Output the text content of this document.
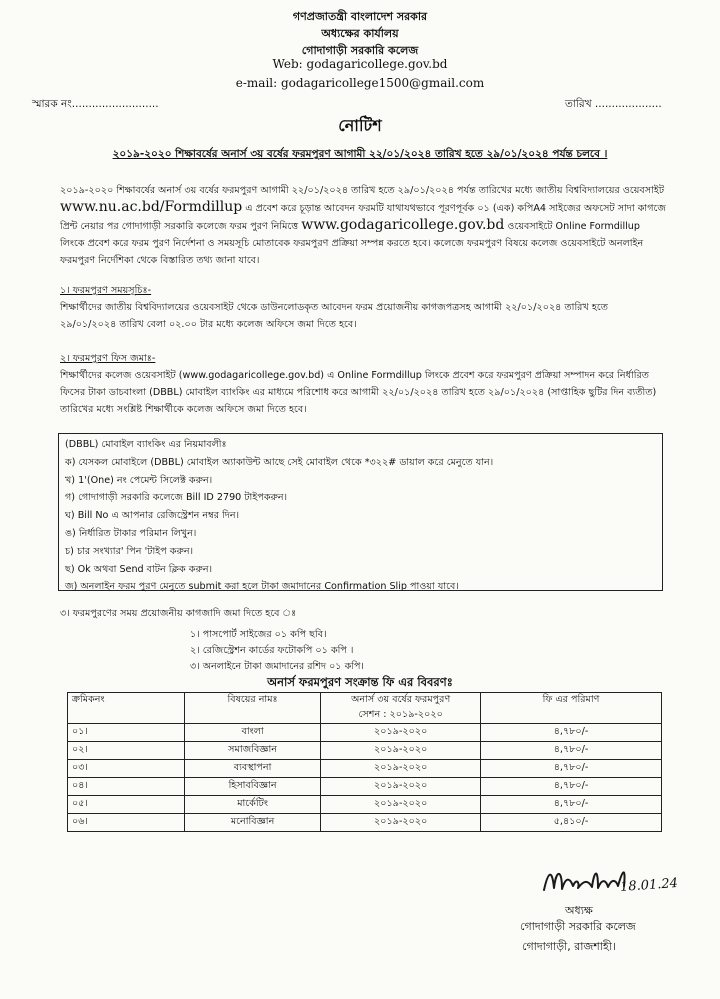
গণপ্রজাতন্ত্রী বাংলাদেশ সরকার
অধ্যক্ষের কার্যালয়
গোদাগাড়ী সরকারি কলেজ
Web: godagaricollege.gov.bd
e-mail: godagaricollege1500@gmail.com
স্মারক নং..........................	তারিখ ....................
নোটিশ
২০১৯-২০২০ শিক্ষাবর্ষের অনার্স ৩য় বর্ষের ফরমপুরণ আগামী ২২/০১/২০২৪ তারিখ হতে ২৯/০১/২০২৪ পর্যন্ত চলবে ।
২০১৯-২০২০ শিক্ষাবর্ষের অনার্স ৩য় বর্ষের ফরমপুরণ আগামী ২২/০১/২০২৪ তারিখ হতে ২৯/০১/২০২৪ পর্যন্ত তারিখের মধ্যে জাতীয় বিশ্ববিদ্যালয়ের ওয়েবসাইট www.nu.ac.bd/Formdillup এ প্রবেশ করে চূড়ান্ত আবেদন ফরমটি যাথাযথভাবে পূরণপূর্বক ০১ (এক) কপিA4 সাইজের অফসেট সাদা কাগজে প্রিন্ট নেয়ার পর গোদাগাড়ী সরকারি কলেজে ফরম পুরণ নিমিত্তে www.godagaricollege.gov.bd ওয়েবসাইটে Online Formdillup লিংকে প্রবেশ করে ফরম পুরণ নির্দেশনা ও সময়সূচি মোতাবেক ফরমপুরণ প্রক্রিয়া সম্পন্ন করতে হবে। কলেজে ফরমপুরণ বিষয়ে কলেজ ওয়েবসাইটে অনলাইন ফরমপুরণ নির্দেশিকা থেকে বিস্তারিত তথ্য জানা যাবে।
১। ফরমপুরণ সময়সূচিঃ-
শিক্ষার্থীদের জাতীয় বিশ্ববিদ্যালয়ের ওয়েবসাইট থেকে ডাউনলোডকৃত আবেদন ফরম প্রয়োজনীয় কাগজপত্রসহ আগামী ২২/০১/২০২৪ তারিখ হতে ২৯/০১/২০২৪ তারিখ বেলা ০২.০০ টার মধ্যে কলেজ অফিসে জমা দিতে হবে।
২। ফরমপুরণ ফিস জমাঃ-
শিক্ষার্থীদের কলেজ ওয়েবসাইট (www.godagaricollege.gov.bd) এ Online Formdillup লিংকে প্রবেশ করে ফরমপুরণ প্রক্রিয়া সম্পাদন করে নির্ধারিত ফিসের টাকা ডাচবাংলা (DBBL) মোবাইল ব্যাংকিং এর মাধ্যমে পরিশোধ করে আগামী ২২/০১/২০২৪ তারিখ হতে ২৯/০১/২০২৪ (সাপ্তাহিক ছুটির দিন ব্যতীত) তারিখের মধ্যে সংশ্লিষ্ট শিক্ষার্থীকে কলেজ অফিসে জমা দিতে হবে।
(DBBL) মোবাইল ব্যাংকিং এর নিয়মাবলীঃ
ক) যেসকল মোবাইলে (DBBL) মোবাইল অ্যাকাউন্ট আছে সেই মোবাইল থেকে *৩২২# ডায়াল করে মেনুতে যান।
খ) 1'(One) নং পেমেন্ট সিলেক্ট করুন।
গ) গোদাগাড়ী সরকারি কলেজে Bill ID 2790 টাইপকরুন।
ঘ) Bill No এ আপনার রেজিস্ট্রেশন নম্বর দিন।
ঙ) নির্ধারিত টাকার পরিমান লিখুন।
চ) চার সংখ্যার' পিন 'টাইপ করুন।
ছ) Ok অথবা Send বাটন ক্লিক করুন।
জ) অনলাইন ফরম পুরণ মেনুতে submit করা হলে টাকা জমাদানের Confirmation Slip পাওয়া যাবে।
৩। ফরমপুরণের সময় প্রয়োজনীয় কাগজাদি জমা দিতে হবে ঃ
১। পাসপোর্ট সাইজের ০১ কপি ছবি।
২। রেজিস্ট্রেশন কার্ডের ফটোকপি ০১ কপি ।
৩। অনলাইনে টাকা জমাদানের রশিদ ০১ কপি।
অনার্স ফরমপুরণ সংক্রান্ত ফি এর বিবরণঃ
ক্রমিকনং	বিষয়ের নামঃ	অনার্স ৩য় বর্ষের ফরমপুরণ
সেশন : ২০১৯-২০২০	ফি এর পরিমাণ
০১।	বাংলা	২০১৯-২০২০	৪,৭৮০/-
০২।	সমাজবিজ্ঞান	২০১৯-২০২০	৪,৭৮০/-
০৩।	ব্যবস্থাপনা	২০১৯-২০২০	৪,৭৮০/-
০৪।	হিসাববিজ্ঞান	২০১৯-২০২০	৪,৭৮০/-
০৫।	মার্কেটিং	২০১৯-২০২০	৪,৭৮০/-
০৬।	মনোবিজ্ঞান	২০১৯-২০২০	৫,৪১০/-
18.01.24
অধ্যক্ষ
গোদাগাড়ী সরকারি কলেজ
গোদাগাড়ী, রাজশাহী।
